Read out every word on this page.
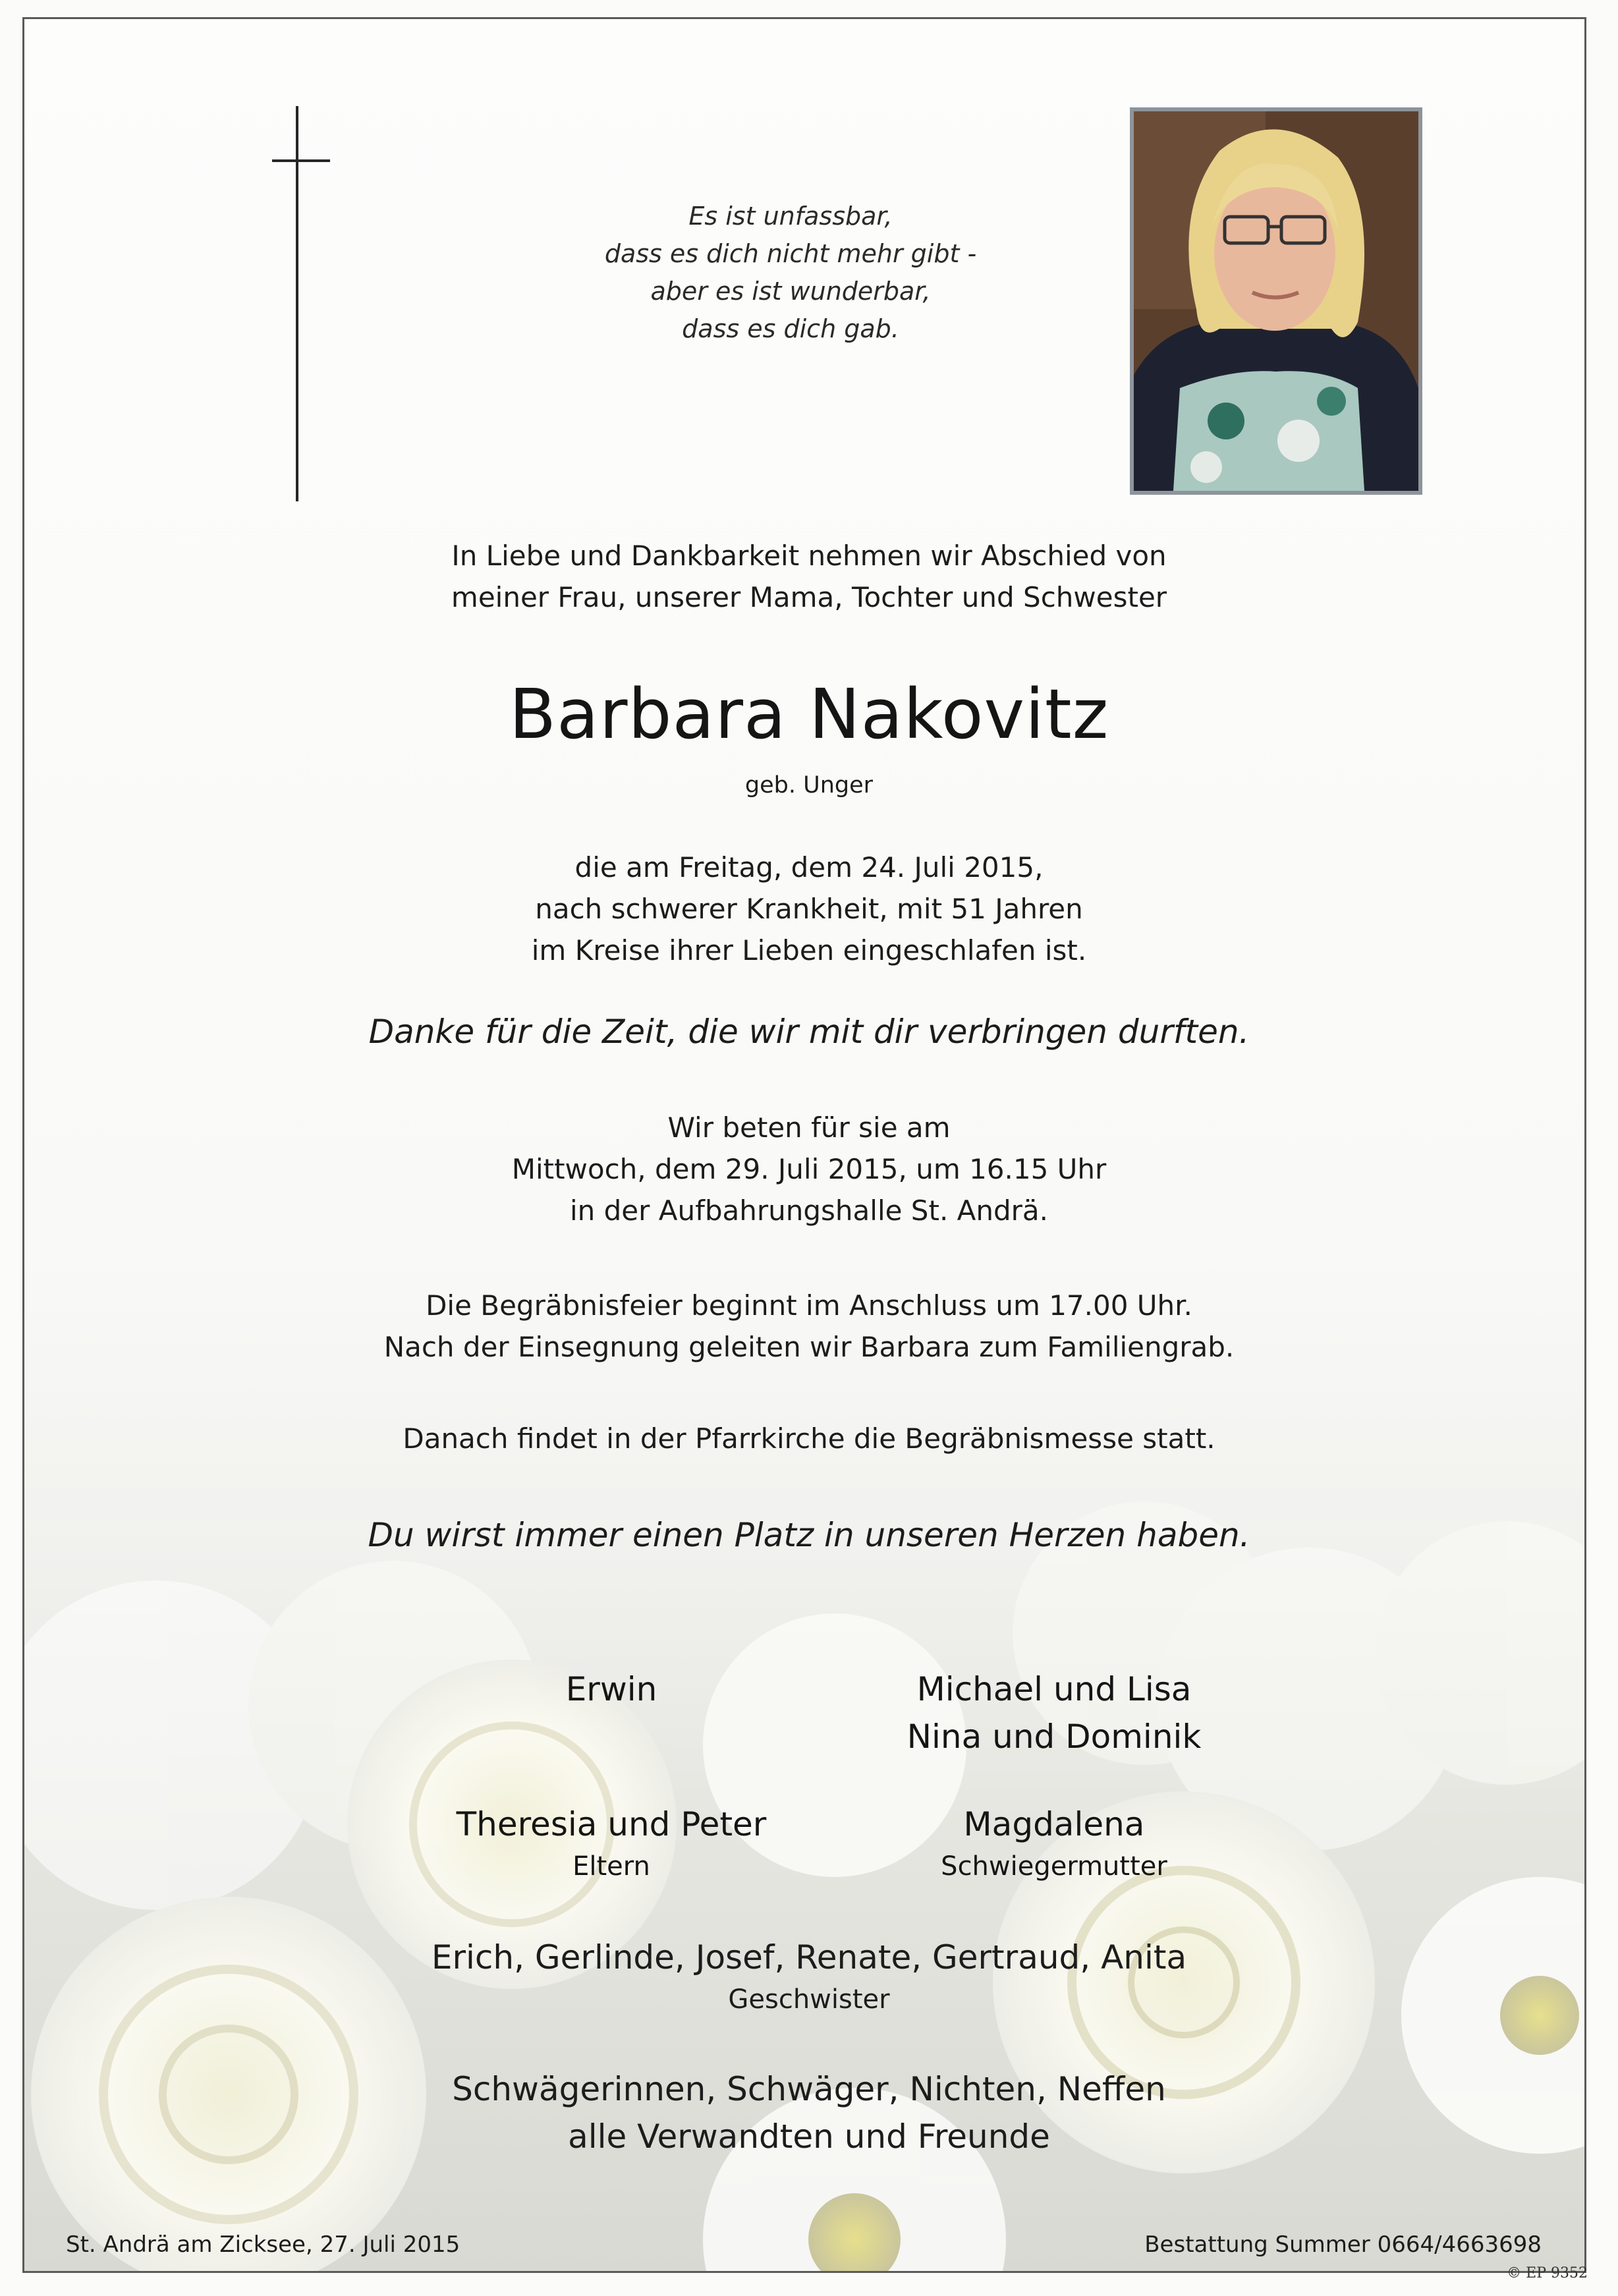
Es ist unfassbar,
dass es dich nicht mehr gibt -
aber es ist wunderbar,
dass es dich gab.
In Liebe und Dankbarkeit nehmen wir Abschied von
meiner Frau, unserer Mama, Tochter und Schwester
Barbara Nakovitz
geb. Unger
die am Freitag, dem 24. Juli 2015,
nach schwerer Krankheit, mit 51 Jahren
im Kreise ihrer Lieben eingeschlafen ist.
Danke für die Zeit, die wir mit dir verbringen durften.
Wir beten für sie am
Mittwoch, dem 29. Juli 2015, um 16.15 Uhr
in der Aufbahrungshalle St. Andrä.
Die Begräbnisfeier beginnt im Anschluss um 17.00 Uhr.
Nach der Einsegnung geleiten wir Barbara zum Familiengrab.
Danach findet in der Pfarrkirche die Begräbnismesse statt.
Du wirst immer einen Platz in unseren Herzen haben.
Erwin	Michael und Lisa
Nina und Dominik
Theresia und Peter
Eltern
Magdalena
Schwiegermutter
Erich, Gerlinde, Josef, Renate, Gertraud, Anita
Geschwister
Schwägerinnen, Schwäger, Nichten, Neffen
alle Verwandten und Freunde
St. Andrä am Zicksee, 27. Juli 2015	Bestattung Summer 0664/4663698
© EP 9352
